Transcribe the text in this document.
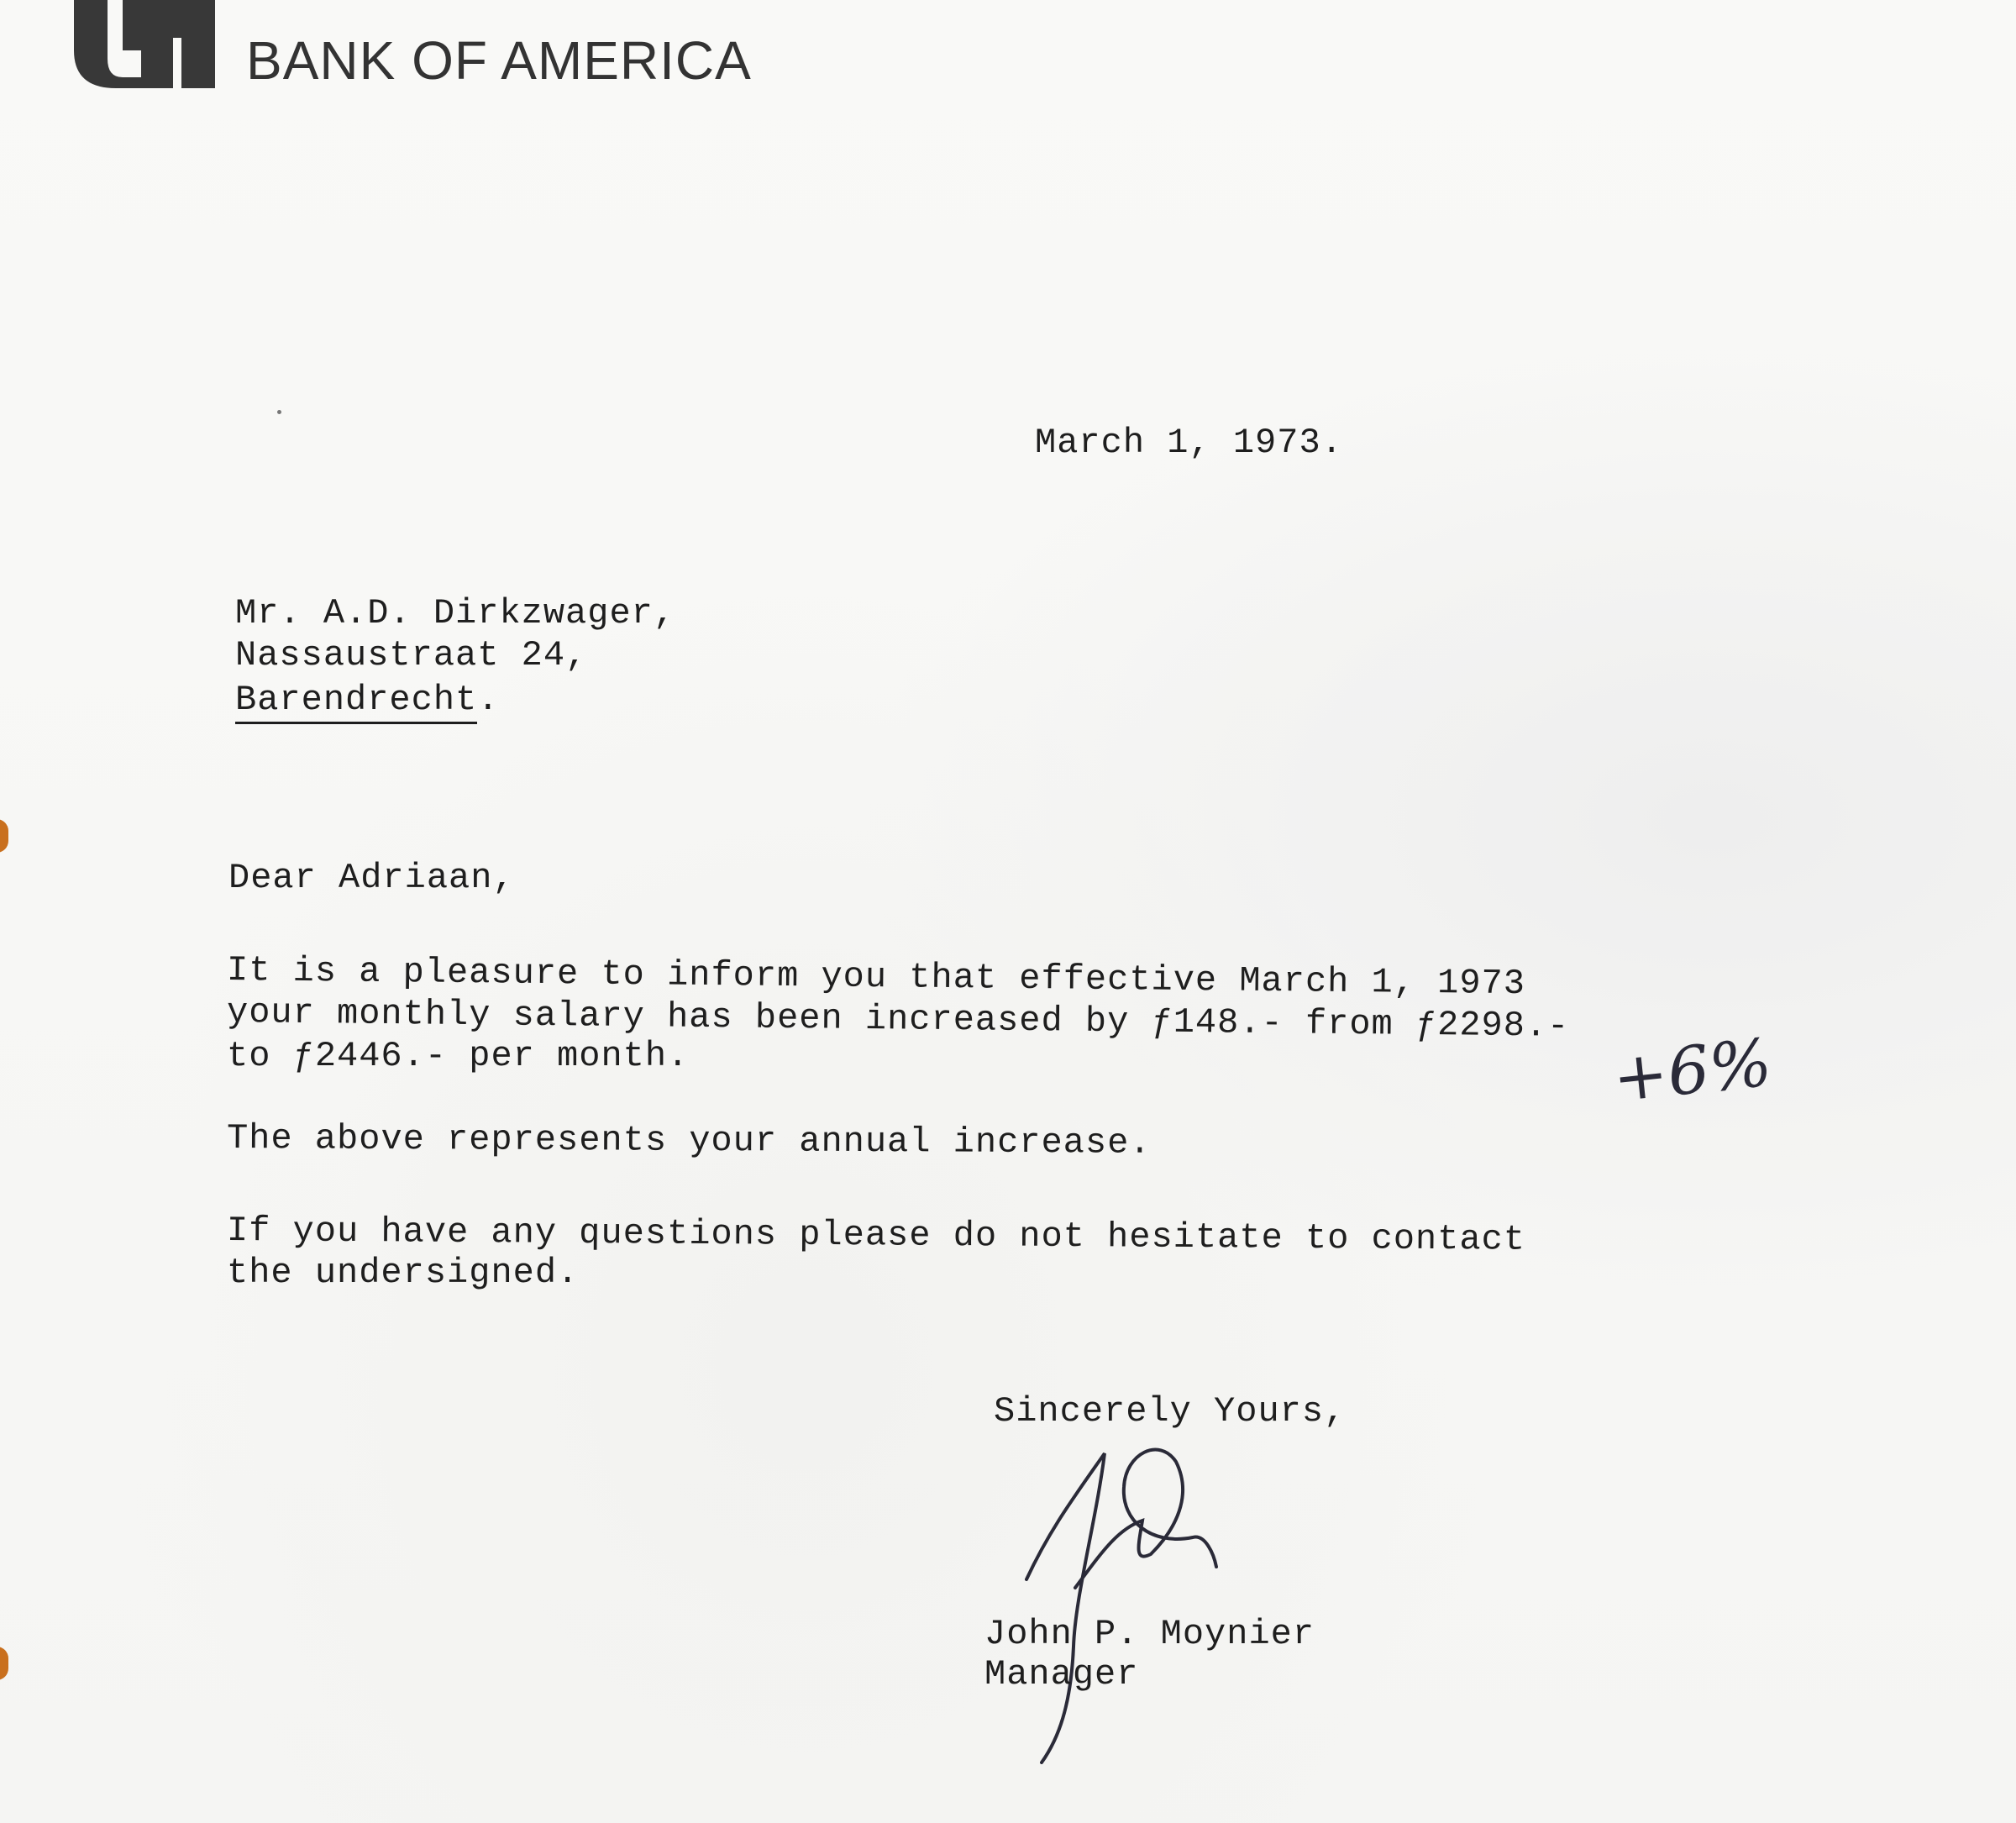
BANK OF AMERICA
March 1, 1973.
Mr. A.D. Dirkzwager,
Nassaustraat 24,
Barendrecht.
Dear Adriaan,
It is a pleasure to inform you that effective March 1, 1973
your monthly salary has been increased by ƒ148.- from ƒ2298.-
to ƒ2446.- per month.	+6%
The above represents your annual increase.
If you have any questions please do not hesitate to contact
the undersigned.
Sincerely Yours,
John P. Moynier
Manager
